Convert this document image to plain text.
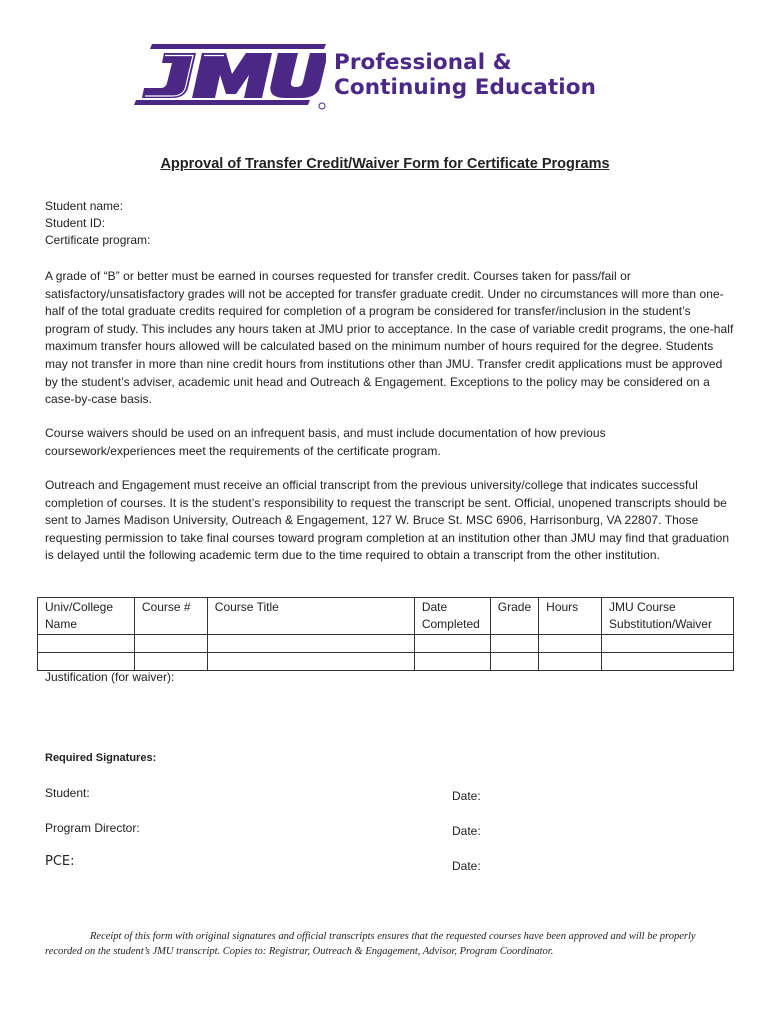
Professional &
Continuing Education
Approval of Transfer Credit/Waiver Form for Certificate Programs
Student name:
Student ID:
Certificate program:
A grade of “B” or better must be earned in courses requested for transfer credit. Courses taken for pass/fail or satisfactory/unsatisfactory grades will not be accepted for transfer graduate credit. Under no circumstances will more than one-half of the total graduate credits required for completion of a program be considered for transfer/inclusion in the student’s program of study. This includes any hours taken at JMU prior to acceptance. In the case of variable credit programs, the one-half maximum transfer hours allowed will be calculated based on the minimum number of hours required for the degree. Students may not transfer in more than nine credit hours from institutions other than JMU. Transfer credit applications must be approved by the student’s adviser, academic unit head and Outreach & Engagement. Exceptions to the policy may be considered on a case-by-case basis.
Course waivers should be used on an infrequent basis, and must include documentation of how previous coursework/experiences meet the requirements of the certificate program.
Outreach and Engagement must receive an official transcript from the previous university/college that indicates successful completion of courses. It is the student’s responsibility to request the transcript be sent. Official, unopened transcripts should be sent to James Madison University, Outreach & Engagement, 127 W. Bruce St. MSC 6906, Harrisonburg, VA 22807. Those requesting permission to take final courses toward program completion at an institution other than JMU may find that graduation is delayed until the following academic term due to the time required to obtain a transcript from the other institution.
Univ/College Name	Course #	Course Title	Date Completed	Grade	Hours	JMU Course Substitution/Waiver

Justification (for waiver):
Required Signatures:
Student:	Date:
Program Director:	Date:
PCE:	Date:
Receipt of this form with original signatures and official transcripts ensures that the requested courses have been approved and will be properly recorded on the student’s JMU transcript. Copies to: Registrar, Outreach & Engagement, Advisor, Program Coordinator.
